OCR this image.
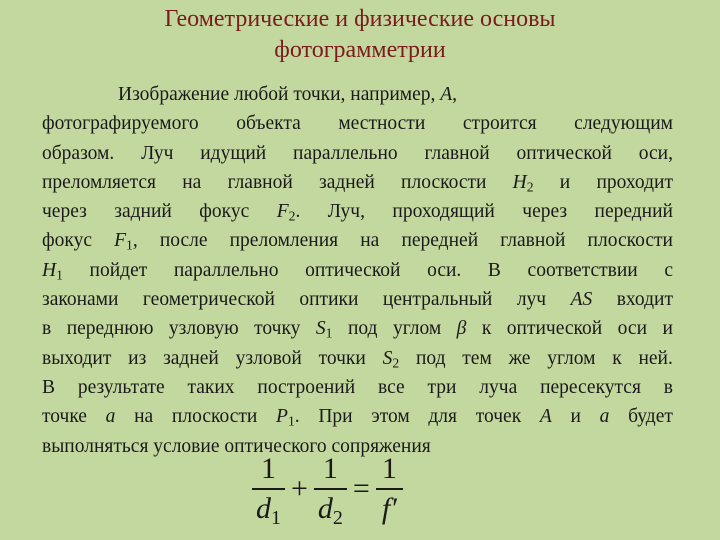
Геометрические и физические основы
фотограмметрии
Изображение любой точки, например, A,
фотографируемого объекта местности строится следующим
образом. Луч идущий параллельно главной оптической оси,
преломляется на главной задней плоскости $H_2$ и проходит
через задний фокус $F_2$. Луч, проходящий через передний
фокус $F_1$, после преломления на передней главной плоскости
$H_1$ пойдет параллельно оптической оси. В соответствии с
законами геометрической оптики центральный луч AS входит
в переднюю узловую точку $S_1$ под углом β к оптической оси и
выходит из задней узловой точки $S_2$ под тем же углом к ней.
В результате таких построений все три луча пересекутся в
точке a на плоскости $P_1$. При этом для точек A и a будет
выполняться условие оптического сопряжения
$\frac{1}{d_1} + \frac{1}{d_2} = \frac{1}{f'}$
